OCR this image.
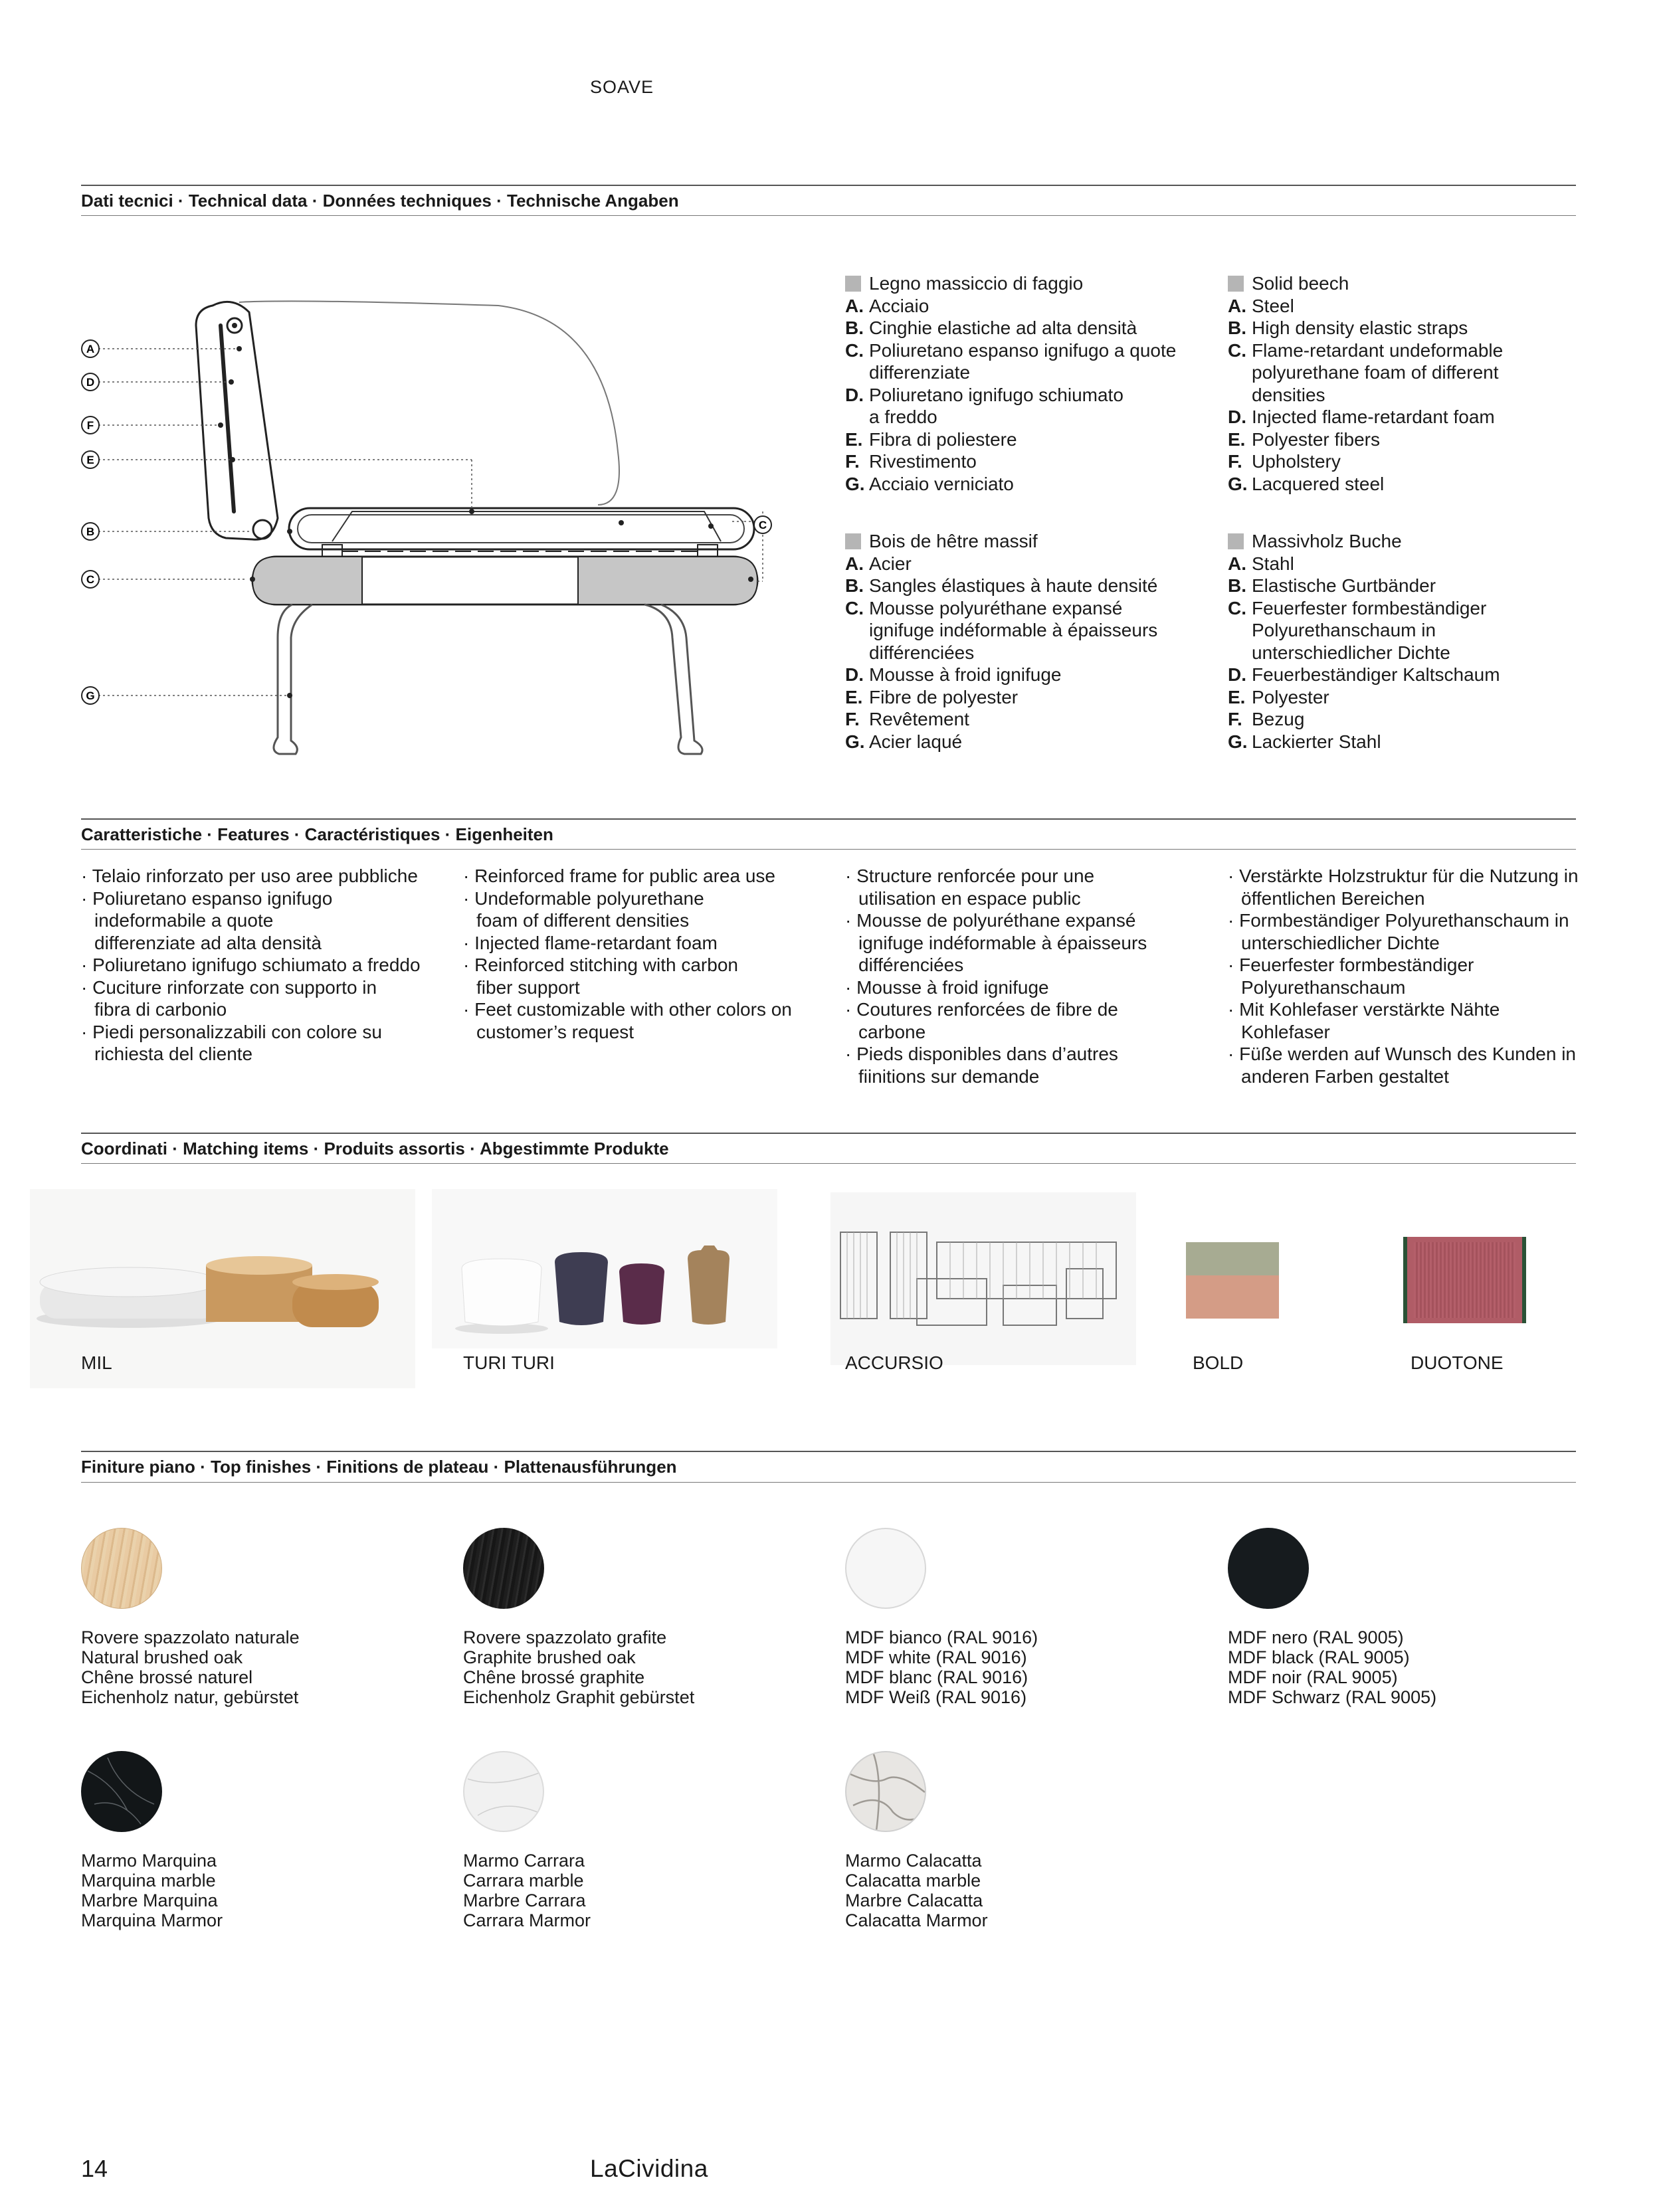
SOAVE
Dati tecnici · Technical data · Données techniques · Technische Angaben
A
D
F
E
B
C
G
C
Legno massiccio di faggio
A. Acciaio
B. Cinghie elastiche ad alta densità
C. Poliuretano espanso ignifugo a quote differenziate
D. Poliuretano ignifugo schiumato a freddo
E. Fibra di poliestere
F. Rivestimento
G. Acciaio verniciato
Solid beech
A. Steel
B. High density elastic straps
C. Flame-retardant undeformable polyurethane foam of different densities
D. Injected flame-retardant foam
E. Polyester fibers
F. Upholstery
G. Lacquered steel
Bois de hêtre massif
A. Acier
B. Sangles élastiques à haute densité
C. Mousse polyuréthane expansé ignifuge indéformable à épaisseurs différenciées
D. Mousse à froid ignifuge
E. Fibre de polyester
F. Revêtement
G. Acier laqué
Massivholz Buche
A. Stahl
B. Elastische Gurtbänder
C. Feuerfester formbeständiger Polyurethanschaum in unterschiedlicher Dichte
D. Feuerbeständiger Kaltschaum
E. Polyester
F. Bezug
G. Lackierter Stahl
Caratteristiche · Features · Caractéristiques · Eigenheiten
· Telaio rinforzato per uso aree pubbliche
· Poliuretano espanso ignifugo indeformabile a quote differenziate ad alta densità
· Poliuretano ignifugo schiumato a freddo
· Cuciture rinforzate con supporto in fibra di carbonio
· Piedi personalizzabili con colore su richiesta del cliente
· Reinforced frame for public area use
· Undeformable polyurethane foam of different densities
· Injected flame-retardant foam
· Reinforced stitching with carbon fiber support
· Feet customizable with other colors on customer’s request
· Structure renforcée pour une utilisation en espace public
· Mousse de polyuréthane expansé ignifuge indéformable à épaisseurs différenciées
· Mousse à froid ignifuge
· Coutures renforcées de fibre de carbone
· Pieds disponibles dans d’autres fiinitions sur demande
· Verstärkte Holzstruktur für die Nutzung in öffentlichen Bereichen
· Formbeständiger Polyurethanschaum in unterschiedlicher Dichte
· Feuerfester formbeständiger Polyurethanschaum
· Mit Kohlefaser verstärkte Nähte Kohlefaser
· Füße werden auf Wunsch des Kunden in anderen Farben gestaltet
Coordinati · Matching items · Produits assortis · Abgestimmte Produkte
MIL	TURI TURI	ACCURSIO	BOLD	DUOTONE
Finiture piano · Top finishes · Finitions de plateau · Plattenausführungen
Rovere spazzolato naturale
Natural brushed oak
Chêne brossé naturel
Eichenholz natur, gebürstet
Rovere spazzolato grafite
Graphite brushed oak
Chêne brossé graphite
Eichenholz Graphit gebürstet
MDF bianco (RAL 9016)
MDF white (RAL 9016)
MDF blanc (RAL 9016)
MDF Weiß (RAL 9016)
MDF nero (RAL 9005)
MDF black (RAL 9005)
MDF noir (RAL 9005)
MDF Schwarz (RAL 9005)
Marmo Marquina
Marquina marble
Marbre Marquina
Marquina Marmor
Marmo Carrara
Carrara marble
Marbre Carrara
Carrara Marmor
Marmo Calacatta
Calacatta marble
Marbre Calacatta
Calacatta Marmor
14	LaCividina
